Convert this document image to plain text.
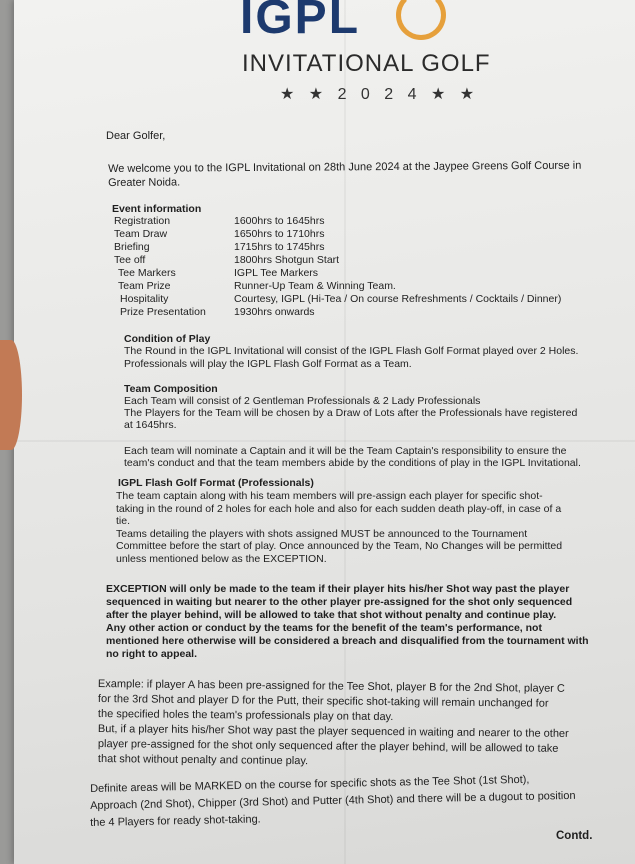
IGPL
INVITATIONAL GOLF
★ ★ 2 0 2 4 ★ ★
Dear Golfer,
We welcome you to the IGPL Invitational on 28th June 2024 at the Jaypee Greens Golf Course in
Greater Noida.
Event information
Registration	1600hrs to 1645hrs
Team Draw	1650hrs to 1710hrs
Briefing	1715hrs to 1745hrs
Tee off	1800hrs Shotgun Start
Tee Markers	IGPL Tee Markers
Team Prize	Runner-Up Team & Winning Team.
Hospitality	Courtesy, IGPL (Hi-Tea / On course Refreshments / Cocktails / Dinner)
Prize Presentation	1930hrs onwards
Condition of Play
The Round in the IGPL Invitational will consist of the IGPL Flash Golf Format played over 2 Holes.
Professionals will play the IGPL Flash Golf Format as a Team.
Team Composition
Each Team will consist of 2 Gentleman Professionals & 2 Lady Professionals
The Players for the Team will be chosen by a Draw of Lots after the Professionals have registered
at 1645hrs.
Each team will nominate a Captain and it will be the Team Captain's responsibility to ensure the
team's conduct and that the team members abide by the conditions of play in the IGPL Invitational.
IGPL Flash Golf Format (Professionals)
The team captain along with his team members will pre-assign each player for specific shot-
taking in the round of 2 holes for each hole and also for each sudden death play-off, in case of a
tie.
Teams detailing the players with shots assigned MUST be announced to the Tournament
Committee before the start of play. Once announced by the Team, No Changes will be permitted
unless mentioned below as the EXCEPTION.
EXCEPTION will only be made to the team if their player hits his/her Shot way past the player
sequenced in waiting but nearer to the other player pre-assigned for the shot only sequenced
after the player behind, will be allowed to take that shot without penalty and continue play.
Any other action or conduct by the teams for the benefit of the team's performance, not
mentioned here otherwise will be considered a breach and disqualified from the tournament with
no right to appeal.
Example: if player A has been pre-assigned for the Tee Shot, player B for the 2nd Shot, player C
for the 3rd Shot and player D for the Putt, their specific shot-taking will remain unchanged for
the specified holes the team's professionals play on that day.
But, if a player hits his/her Shot way past the player sequenced in waiting and nearer to the other
player pre-assigned for the shot only sequenced after the player behind, will be allowed to take
that shot without penalty and continue play.
Definite areas will be MARKED on the course for specific shots as the Tee Shot (1st Shot),
Approach (2nd Shot), Chipper (3rd Shot) and Putter (4th Shot) and there will be a dugout to position
the 4 Players for ready shot-taking.
Contd.
